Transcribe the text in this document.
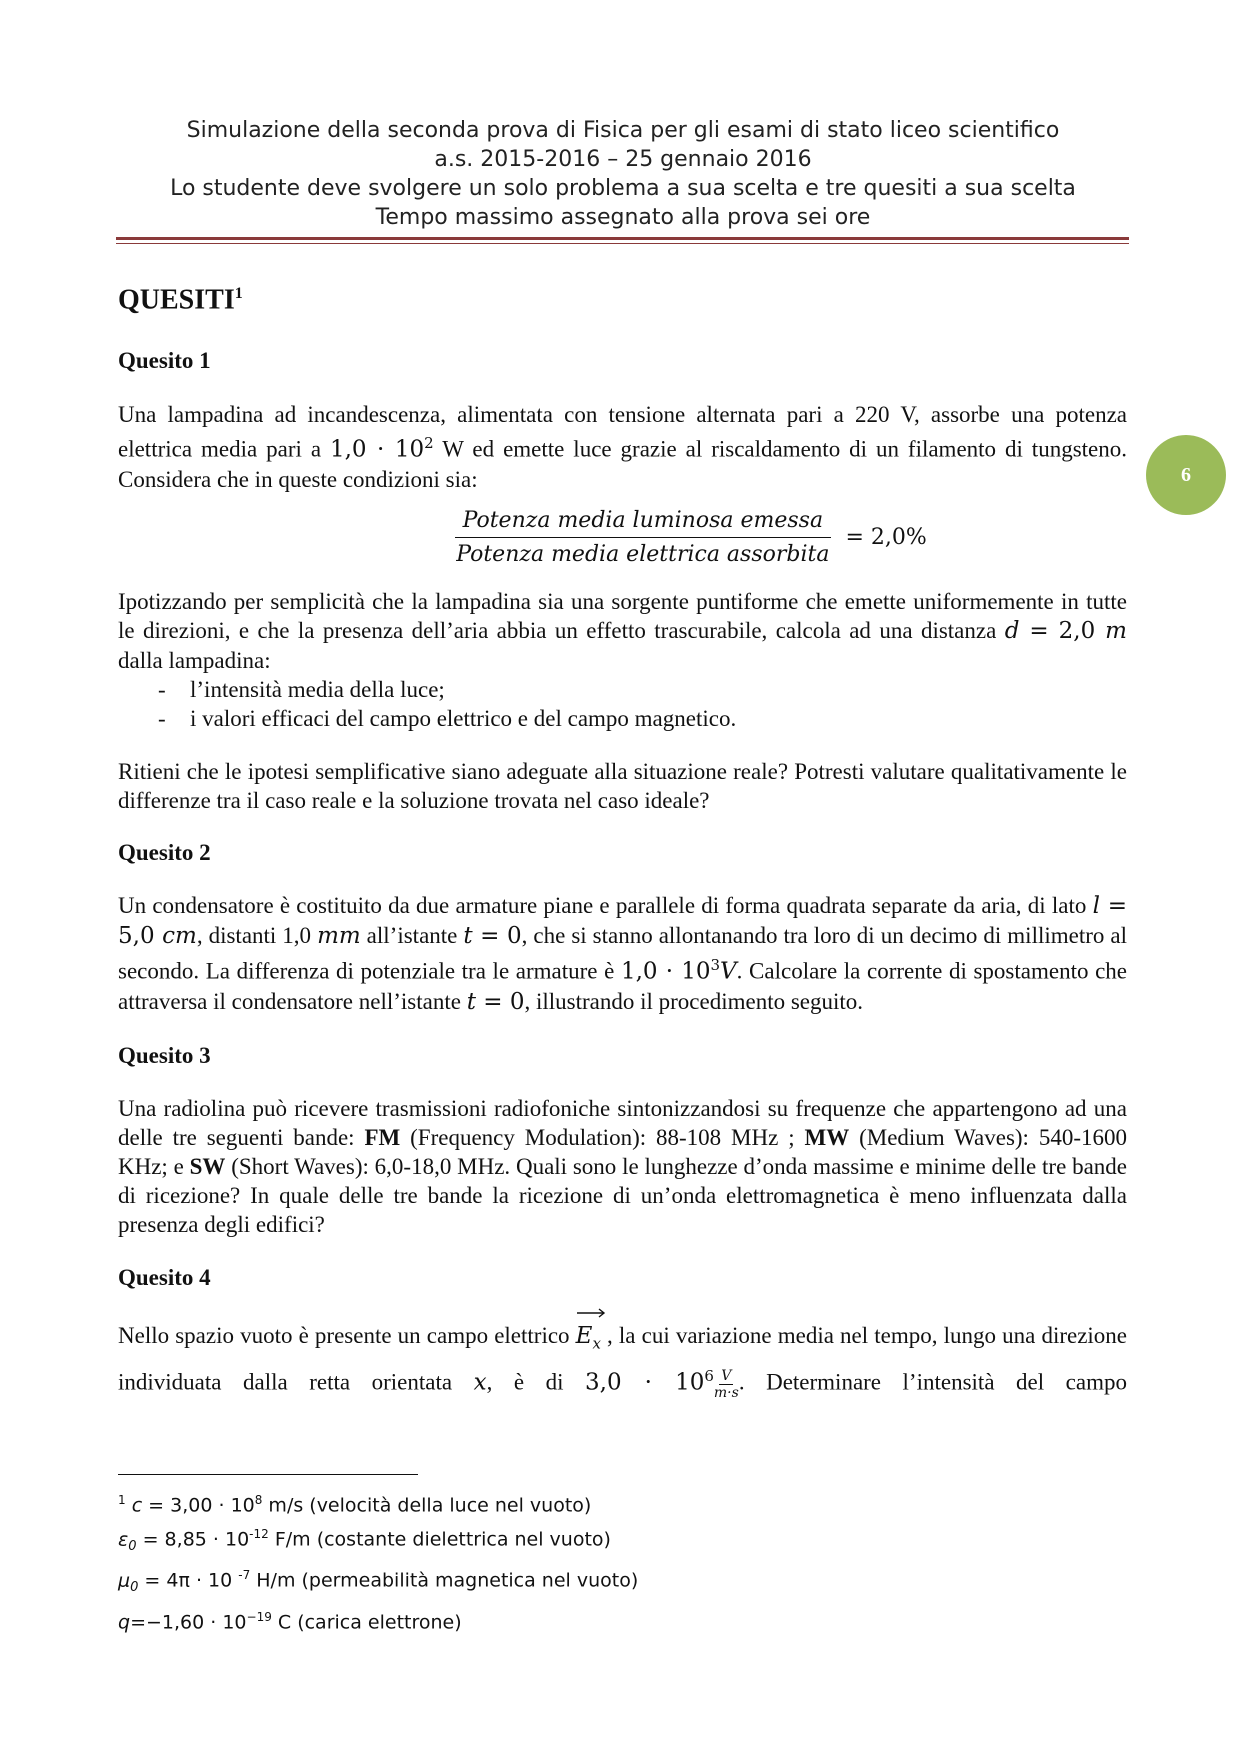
Simulazione della seconda prova di Fisica per gli esami di stato liceo scientifico
a.s. 2015-2016 – 25 gennaio 2016
Lo studente deve svolgere un solo problema a sua scelta e tre quesiti a sua scelta
Tempo massimo assegnato alla prova sei ore
6

QUESITI$^1$

Quesito 1

Una lampadina ad incandescenza, alimentata con tensione alternata pari a 220 V, assorbe una potenza elettrica media pari a $1,0 \cdot 10^2$ W ed emette luce grazie al riscaldamento di un filamento di tungsteno. Considera che in queste condizioni sia:

$\frac{\text{Potenza media luminosa emessa}}{\text{Potenza media elettrica assorbita}} = 2,0\%$

Ipotizzando per semplicità che la lampadina sia una sorgente puntiforme che emette uniformemente in tutte le direzioni, e che la presenza dell’aria abbia un effetto trascurabile, calcola ad una distanza d = 2,0 m dalla lampadina:

- l’intensità media della luce;
- i valori efficaci del campo elettrico e del campo magnetico.

Ritieni che le ipotesi semplificative siano adeguate alla situazione reale? Potresti valutare qualitativamente le differenze tra il caso reale e la soluzione trovata nel caso ideale?

Quesito 2

Un condensatore è costituito da due armature piane e parallele di forma quadrata separate da aria, di lato l = 5,0 cm, distanti 1,0 mm all’istante t = 0, che si stanno allontanando tra loro di un decimo di millimetro al secondo. La differenza di potenziale tra le armature è $1,0 \cdot 10^3V$. Calcolare la corrente di spostamento che attraversa il condensatore nell’istante t = 0, illustrando il procedimento seguito.

Quesito 3

Una radiolina può ricevere trasmissioni radiofoniche sintonizzandosi su frequenze che appartengono ad una delle tre seguenti bande: FM (Frequency Modulation): 88-108 MHz ; MW (Medium Waves): 540-1600 KHz; e SW (Short Waves): 6,0-18,0 MHz. Quali sono le lunghezze d’onda massime e minime delle tre bande di ricezione? In quale delle tre bande la ricezione di un’onda elettromagnetica è meno influenzata dalla presenza degli edifici?

Quesito 4

Nello spazio vuoto è presente un campo elettrico
$E_x$ , la cui variazione media nel tempo, lungo una direzione individuata dalla retta orientata x, è di $3,0 \cdot 10^6 \frac{V}{m\cdot s}$ . Determinare l’intensità del campo

$^1$ $c = 3,00 \cdot 10^8$ m/s (velocità della luce nel vuoto)
$\varepsilon_0 = 8,85 \cdot 10^{-12}$ F/m (costante dielettrica nel vuoto)
$\mu_0 = 4\pi \cdot 10$ $^{-7}$ H/m (permeabilità magnetica nel vuoto)
$q=-1,60 \cdot 10^{-19}$ C (carica elettrone)
